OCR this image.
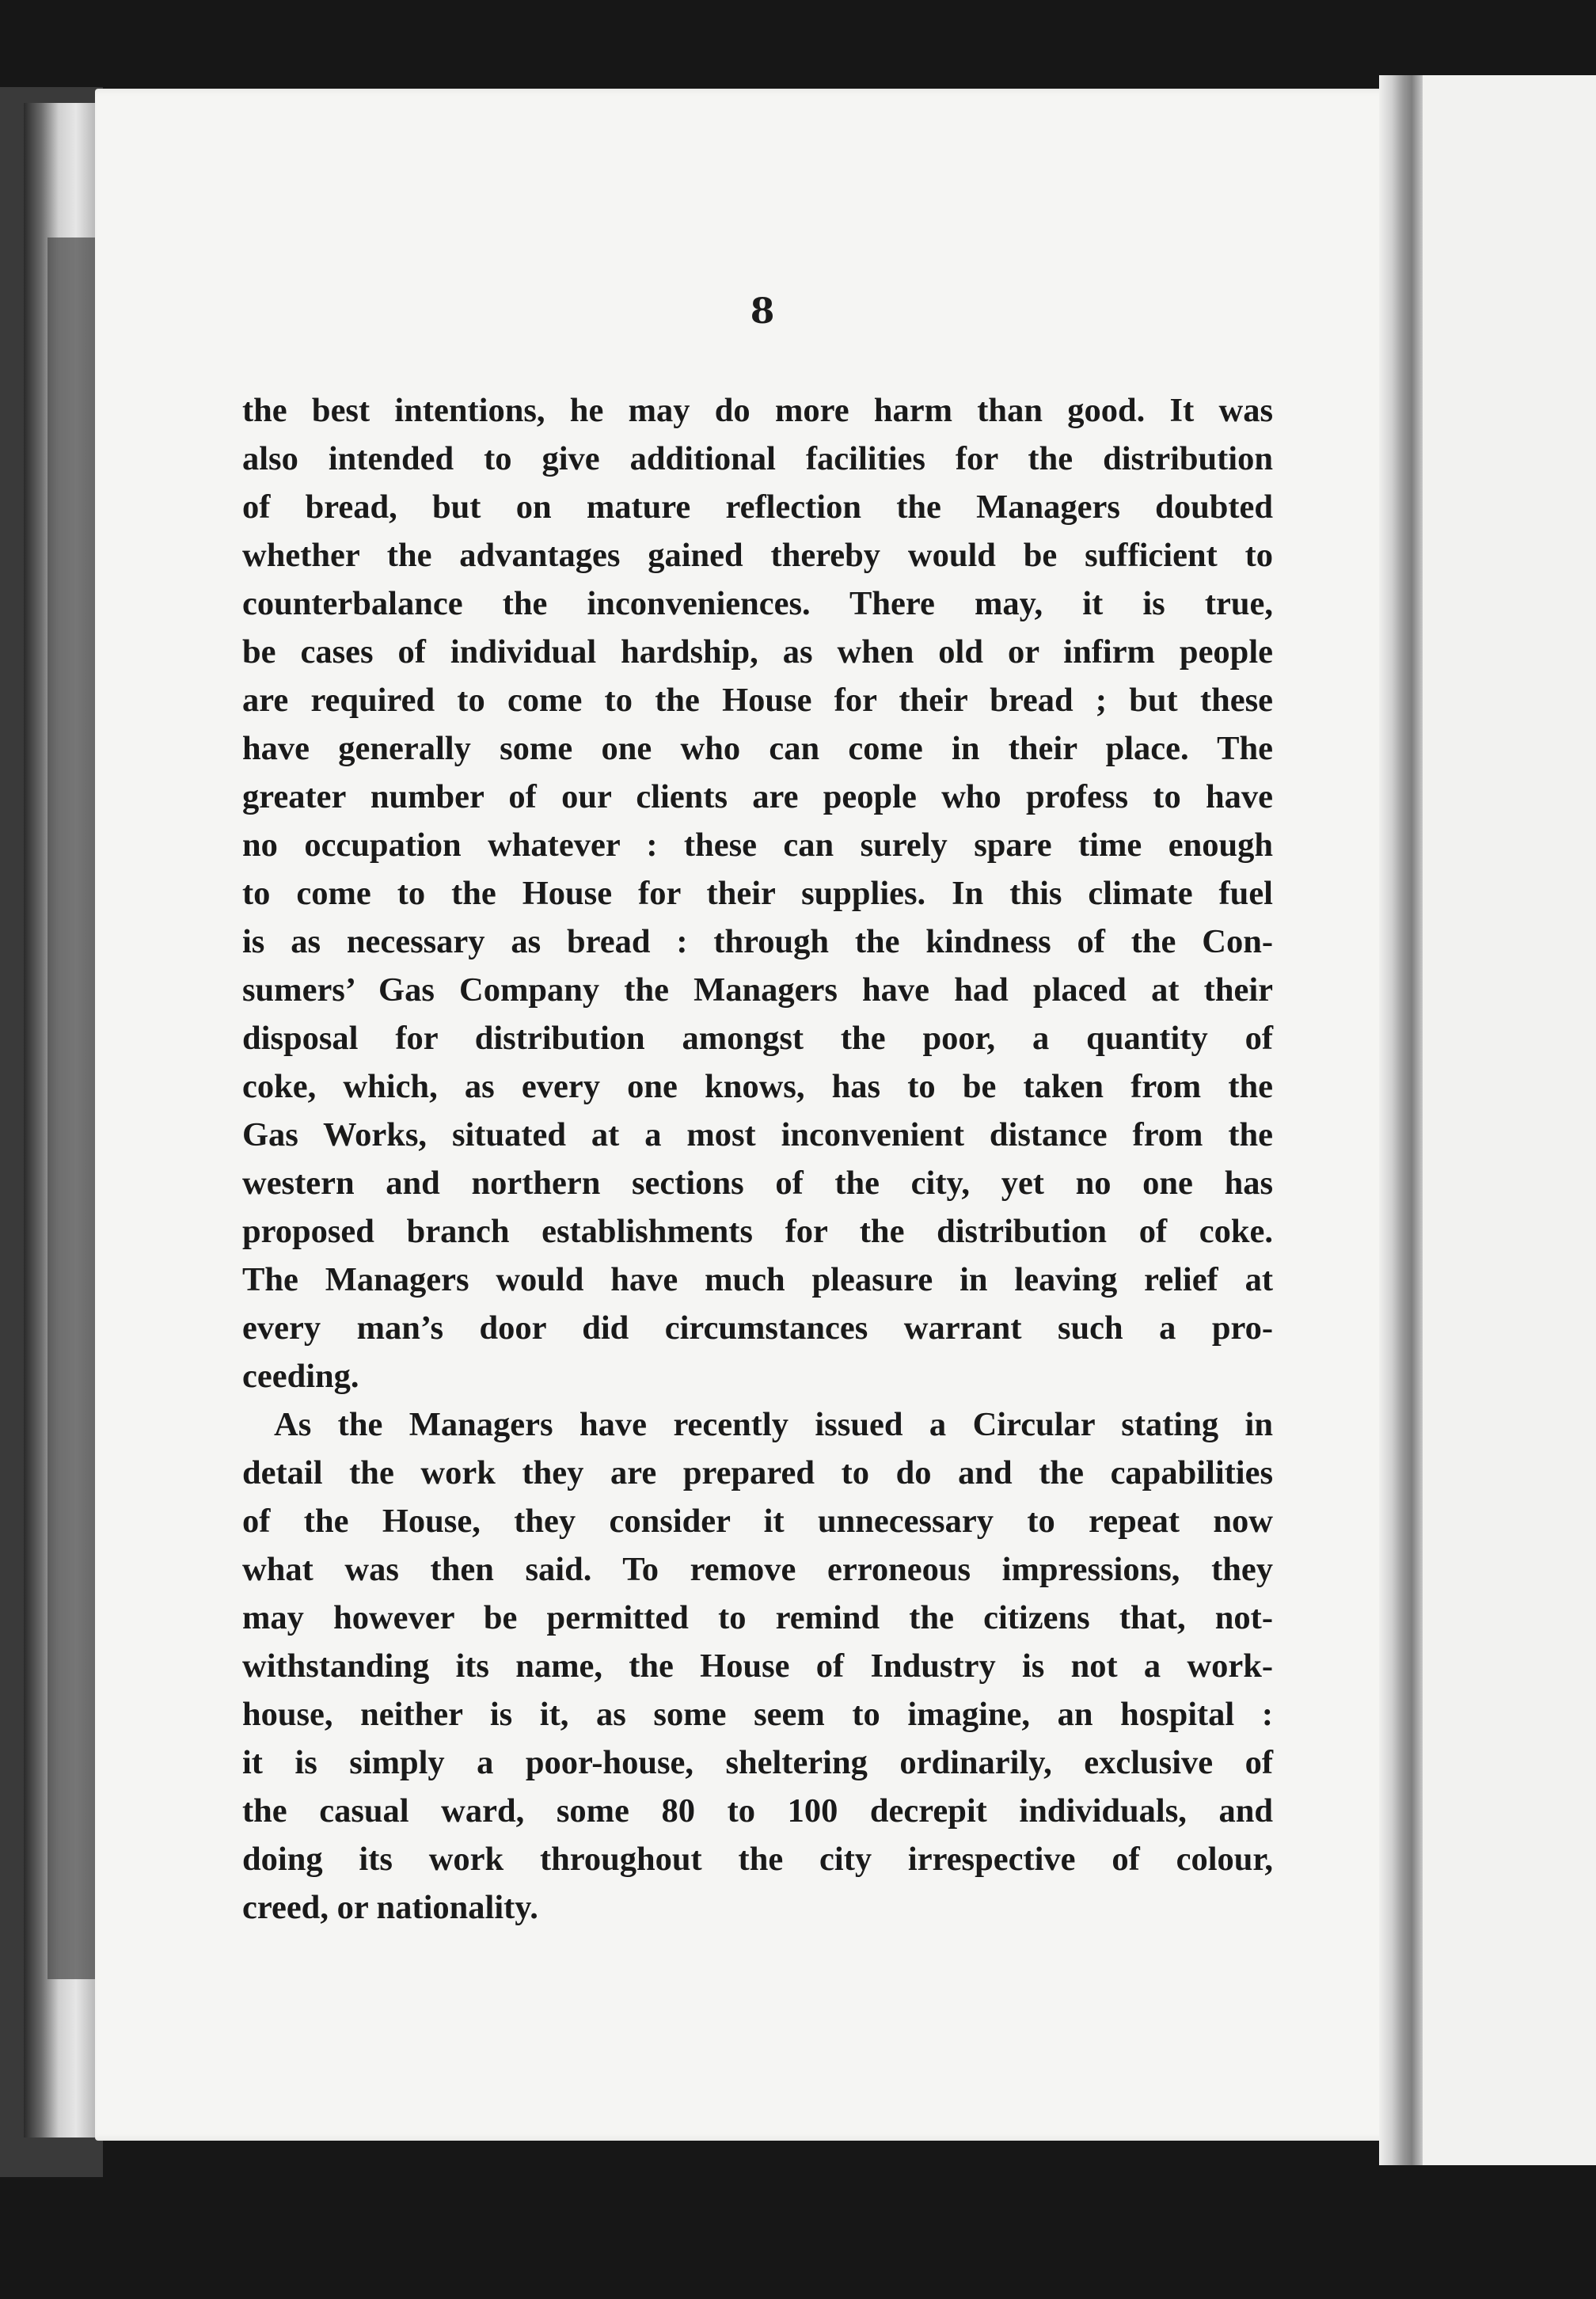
8
the best intentions, he may do more harm than good. It was
also intended to give additional facilities for the distribution
of bread, but on mature reflection the Managers doubted
whether the advantages gained thereby would be sufficient to
counterbalance the inconveniences. There may, it is true,
be cases of individual hardship, as when old or infirm people
are required to come to the House for their bread ; but these
have generally some one who can come in their place. The
greater number of our clients are people who profess to have
no occupation whatever : these can surely spare time enough
to come to the House for their supplies. In this climate fuel
is as necessary as bread : through the kindness of the Con-
sumers’ Gas Company the Managers have had placed at their
disposal for distribution amongst the poor, a quantity of
coke, which, as every one knows, has to be taken from the
Gas Works, situated at a most inconvenient distance from the
western and northern sections of the city, yet no one has
proposed branch establishments for the distribution of coke.
The Managers would have much pleasure in leaving relief at
every man’s door did circumstances warrant such a pro-
ceeding.
As the Managers have recently issued a Circular stating in
detail the work they are prepared to do and the capabilities
of the House, they consider it unnecessary to repeat now
what was then said. To remove erroneous impressions, they
may however be permitted to remind the citizens that, not-
withstanding its name, the House of Industry is not a work-
house, neither is it, as some seem to imagine, an hospital :
it is simply a poor-house, sheltering ordinarily, exclusive of
the casual ward, some 80 to 100 decrepit individuals, and
doing its work throughout the city irrespective of colour,
creed, or nationality.
